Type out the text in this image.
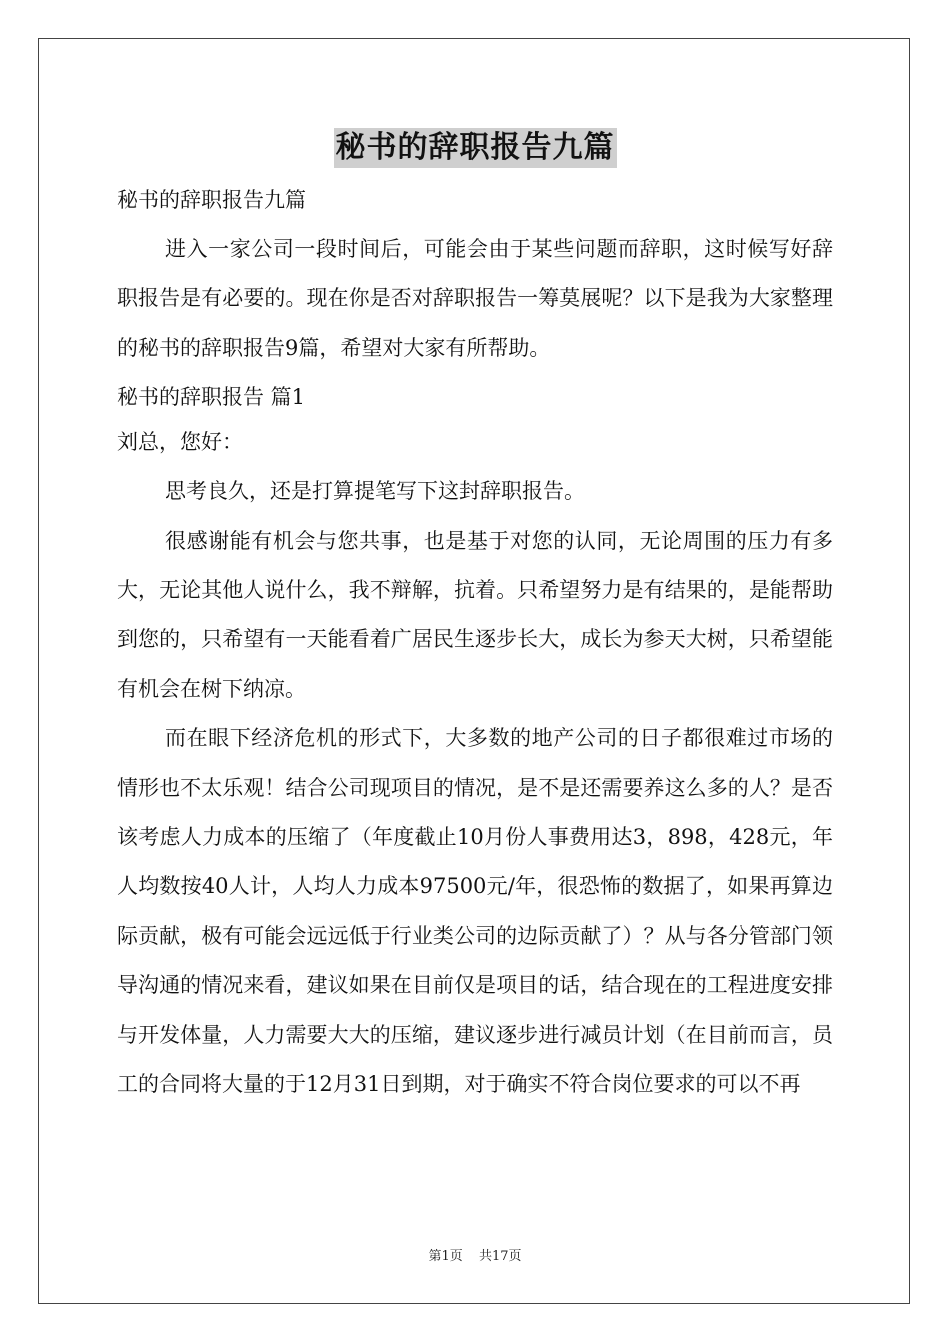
秘书的辞职报告九篇
秘书的辞职报告九篇

进入一家公司一段时间后，可能会由于某些问题而辞职，这时候写好辞职报告是有必要的。现在你是否对辞职报告一筹莫展呢？以下是我为大家整理的秘书的辞职报告9篇，希望对大家有所帮助。

秘书的辞职报告 篇1
刘总，您好：

思考良久，还是打算提笔写下这封辞职报告。

很感谢能有机会与您共事，也是基于对您的认同，无论周围的压力有多大，无论其他人说什么，我不辩解，抗着。只希望努力是有结果的，是能帮助到您的，只希望有一天能看着广居民生逐步长大，成长为参天大树，只希望能有机会在树下纳凉。

而在眼下经济危机的形式下，大多数的地产公司的日子都很难过市场的情形也不太乐观！结合公司现项目的情况，是不是还需要养这么多的人？是否该考虑人力成本的压缩了（年度截止10月份人事费用达3，898，428元，年人均数按40人计，人均人力成本97500元/年，很恐怖的数据了，如果再算边际贡献，极有可能会远远低于行业类公司的边际贡献了）？从与各分管部门领导沟通的情况来看，建议如果在目前仅是项目的话，结合现在的工程进度安排与开发体量，人力需要大大的压缩，建议逐步进行减员计划（在目前而言，员工的合同将大量的于12月31日到期，对于确实不符合岗位要求的可以不再

第1页 共17页
